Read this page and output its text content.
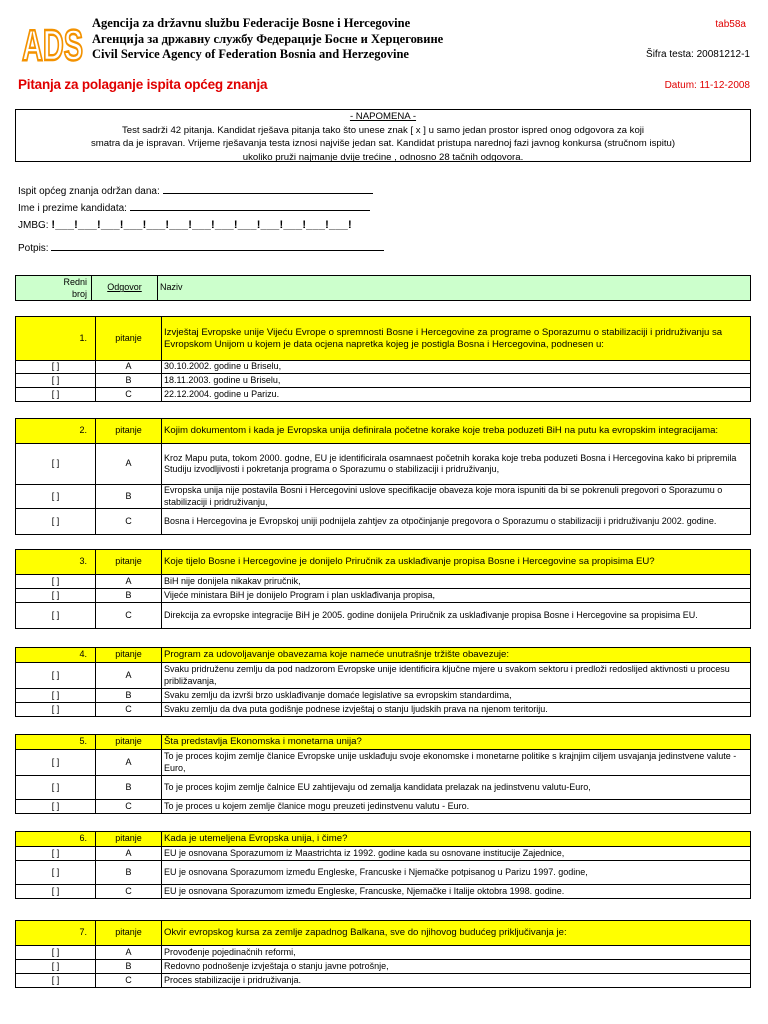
ADS Agencija za državnu službu Federacije Bosne i Hercegovine
Агенција за државну службу Федерације Босне и Херцеговине
Civil Service Agency of Federation Bosnia and Herzegovine
tab58a
Šifra testa: 20081212-1
Pitanja za polaganje ispita općeg znanja	Datum: 11-12-2008
- NAPOMENA -
Test sadrži 42 pitanja. Kandidat rješava pitanja tako što unese znak [ x ] u samo jedan prostor ispred onog odgovora za koji
smatra da je ispravan. Vrijeme rješavanja testa iznosi najviše jedan sat. Kandidat pristupa narednoj fazi javnog konkursa (stručnom ispitu)
ukoliko pruži najmanje dvije trećine , odnosno 28 tačnih odgovora.
Ispit općeg znanja održan dana:
Ime i prezime kandidata:
JMBG: !___!___!___!___!___!___!___!___!___!___!___!___!___!
Potpis:
Redni
broj
	Odgovor	Naziv
1.	pitanje	Izvještaj Evropske unije Vijeću Evrope o spremnosti Bosne i Hercegovine za programe o Sporazumu o stabilizaciji i pridruživanju sa Evropskom Unijom u kojem je data ocjena napretka kojeg je postigla Bosna i Hercegovina, podnesen u:
[ ]	A	30.10.2002. godine u Briselu,
[ ]	B	18.11.2003. godine u Briselu,
[ ]	C	22.12.2004. godine u Parizu.
2.	pitanje	Kojim dokumentom i kada je Evropska unija definirala početne korake koje treba poduzeti BiH na putu ka evropskim integracijama:
[ ]	A	Kroz Mapu puta, tokom 2000. godne, EU je identificirala osamnaest početnih koraka koje treba poduzeti Bosna i Hercegovina kako bi pripremila Studiju izvodljivosti i pokretanja programa o Sporazumu o stabilizaciji i pridruživanju,
[ ]	B	Evropska unija nije postavila Bosni i Hercegovini uslove specifikacije obaveza koje mora ispuniti da bi se pokrenuli pregovori o Sporazumu o stabilizaciji i pridruživanju,
[ ]	C	Bosna i Hercegovina je Evropskoj uniji podnijela zahtjev za otpočinjanje pregovora o Sporazumu o stabilizaciji i pridruživanju 2002. godine.
3.	pitanje	Koje tijelo Bosne i Hercegovine je donijelo Priručnik za usklađivanje propisa Bosne i Hercegovine sa propisima EU?
[ ]	A	BiH nije donijela nikakav priručnik,
[ ]	B	Vijeće ministara BiH je donijelo Program i plan usklađivanja propisa,
[ ]	C	Direkcija za evropske integracije BiH je 2005. godine donijela Priručnik za usklađivanje propisa Bosne i Hercegovine sa propisima EU.
4.	pitanje	Program za udovoljavanje obavezama koje nameće unutrašnje tržište obavezuje:
[ ]	A	Svaku pridruženu zemlju da pod nadzorom Evropske unije identificira ključne mjere u svakom sektoru i predloži redoslijed aktivnosti u procesu približavanja,
[ ]	B	Svaku zemlju da izvrši brzo usklađivanje domaće legislative sa evropskim standardima,
[ ]	C	Svaku zemlju da dva puta godišnje podnese izvještaj o stanju ljudskih prava na njenom teritoriju.
5.	pitanje	Šta predstavlja Ekonomska i monetarna unija?
[ ]	A	To je proces kojim zemlje članice Evropske unije usklađuju svoje ekonomske i monetarne politike s krajnjim ciljem usvajanja jedinstvene valute - Euro,
[ ]	B	To je proces kojim zemlje čalnice EU zahtijevaju od zemalja kandidata prelazak na jedinstvenu valutu-Euro,
[ ]	C	To je proces u kojem zemlje članice mogu preuzeti jedinstvenu valutu - Euro.
6.	pitanje	Kada je utemeljena Evropska unija, i čime?
[ ]	A	EU je osnovana Sporazumom iz Maastrichta iz 1992. godine kada su osnovane institucije Zajednice,
[ ]	B	EU je osnovana Sporazumom između Engleske, Francuske i Njemačke potpisanog u Parizu 1997. godine,
[ ]	C	EU je osnovana Sporazumom između Engleske, Francuske, Njemačke i Italije oktobra 1998. godine.
7.	pitanje	Okvir evropskog kursa za zemlje zapadnog Balkana, sve do njihovog budućeg priključivanja je:
[ ]	A	Provođenje pojedinačnih reformi,
[ ]	B	Redovno podnošenje izvještaja o stanju javne potrošnje,
[ ]	C	Proces stabilizacije i pridruživanja.
